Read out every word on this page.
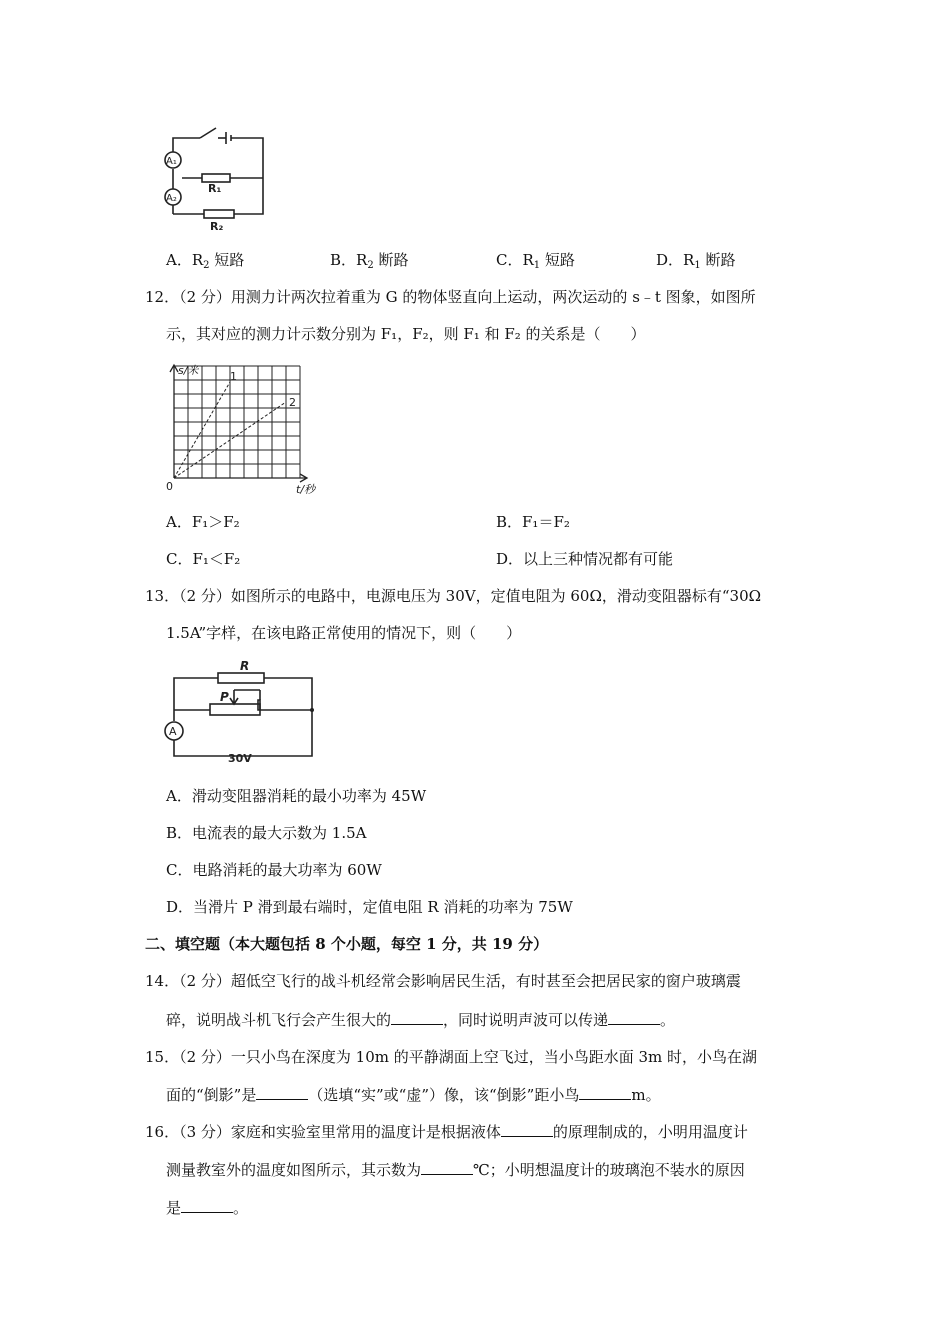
A₁
A₂
R₁
R₂
A．$R_2$ 短路	B．$R_2$ 断路	C．$R_1$ 短路	D．$R_1$ 断路
12．（2 分）用测力计两次拉着重为 G 的物体竖直向上运动，两次运动的 s﹣t 图象，如图所
示，其对应的测力计示数分别为 F₁，F₂，则 F₁ 和 F₂ 的关系是（　　）
s/米	1
2
0	t/秒
A．F₁＞F₂	B．F₁＝F₂
C．F₁＜F₂	D．以上三种情况都有可能
13．（2 分）如图所示的电路中，电源电压为 30V，定值电阻为 60Ω，滑动变阻器标有“30Ω
1.5A”字样，在该电路正常使用的情况下，则（　　）
R
P
A
30V
A．滑动变阻器消耗的最小功率为 45W
B．电流表的最大示数为 1.5A
C．电路消耗的最大功率为 60W
D．当滑片 P 滑到最右端时，定值电阻 R 消耗的功率为 75W
二、填空题（本大题包括 8 个小题，每空 1 分，共 19 分）
14．（2 分）超低空飞行的战斗机经常会影响居民生活，有时甚至会把居民家的窗户玻璃震
碎，说明战斗机飞行会产生很大的	，同时说明声波可以传递	。
15．（2 分）一只小鸟在深度为 10m 的平静湖面上空飞过，当小鸟距水面 3m 时，小鸟在湖
面的“倒影”是	（选填“实”或“虚”）像，该“倒影”距小鸟	m。
16．（3 分）家庭和实验室里常用的温度计是根据液体	的原理制成的，小明用温度计
测量教室外的温度如图所示，其示数为	℃；小明想温度计的玻璃泡不装水的原因
是	。
